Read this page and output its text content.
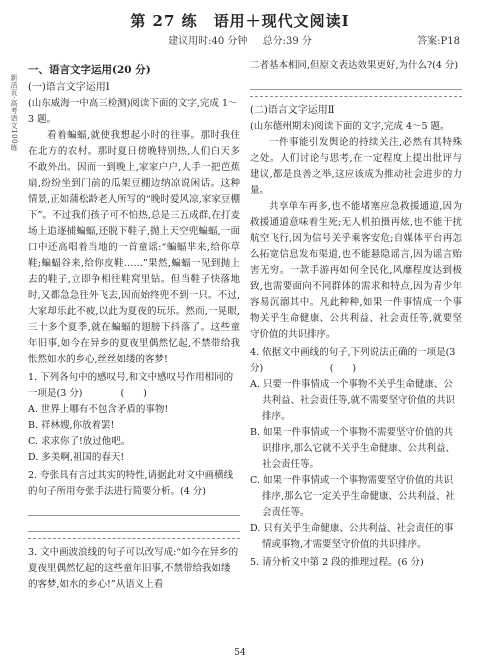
第 27 练　语用＋现代文阅读Ⅰ
建议用时:40 分钟 总分:39 分	答案:P18
新活页·高考语文100练
一、语言文字运用(20 分)
(一)语言文字运用Ⅰ
(山东威海一中高三检测)阅读下面的文字,完成 1～3 题。
看着蝙蝠,就使我想起小时的往事。那时我住在北方的农村。那时夏日傍晚特别热,人们白天多不敢外出。因而一到晚上,家家户户,人手一把芭蕉扇,纷纷坐到门前的瓜架豆棚边纳凉说闲话。这种情景,正如蒲松龄老人所写的“晚时爱风凉,家家豆棚下”。不过我们孩子可不怕热,总是三五成群,在打麦场上追逐捕蝙蝠,还脱下鞋子,抛上天空兜蝙蝠,一面口中还高唱着当地的一首童谣:“蝙蝠芈来,给你草鞋;蝙蝠谷来,给你皮鞋……”果然,蝙蝠一见到抛上去的鞋子,立即争相往鞋窝里钻。但当鞋子快落地时,又都急急往外飞去,因而始终兜不到一只。不过,大家却乐此不疲,以此为夏夜的玩乐。然而,一晃眼,三十多个夏季,就在蝙蝠的翅膀下抖落了。这些童年旧事,如今在异乡的夏夜里偶然忆起,不禁带给我怅然如水的乡心,丝丝如缕的客梦!
1. 下列各句中的感叹号,和文中感叹号作用相同的一项是(3 分)　　　　(　　)
A. 世界上哪有不包含矛盾的事物!
B. 祥林嫂,你放着罢!
C. 求求你了!放过他吧。
D. 多美啊,祖国的春天!
2. 夸张具有言过其实的特性,请据此对文中画横线的句子所用夸张手法进行简要分析。(4 分)
3. 文中画波浪线的句子可以改写成:“如今在异乡的夏夜里偶然忆起的这些童年旧事,不禁带给我如缕的客梦,如水的乡心!”从语义上看
二者基本相同,但原文表达效果更好,为什么?(4 分)
(二)语言文字运用Ⅱ
(山东德州期末)阅读下面的文字,完成 4～5 题。
一件事能引发舆论的持续关注,必然有其特殊之处。人们讨论与思考,在一定程度上提出批评与建议,都是良善之举,这应该成为推动社会进步的力量。
共享单车再多,也不能堵塞应急救援通道,因为救援通道意味着生死;无人机拍摄再炫,也不能干扰航空飞行,因为信号关乎乘客安危;自媒体平台再怎么拓宽信息发布渠道,也不能悬隐谣言,因为谣言贻害无穷。一款手游再如何全民化,风靡程度达到极致,也需要面向不同群体的需求和特点,因为青少年容易沉溺其中。凡此种种,如果一件事情成一个事物关乎生命健康、公共利益、社会责任等,就要坚守价值的共识排序。
4. 依据文中画线的句子,下列说法正确的一项是(3 分)　　　　　　　(　　)
A. 只要一件事情成一个事物不关乎生命健康、公共利益、社会责任等,就不需要坚守价值的共识排序。
B. 如果一件事情或一个事物不需要坚守价值的共识排序,那么它就不关乎生命健康、公共利益、社会责任等。
C. 如果一件事情或一个事物需要坚守价值的共识排序,那么它一定关乎生命健康、公共利益、社会责任等。
D. 只有关乎生命健康、公共利益、社会责任的事情或事物,才需要坚守价值的共识排序。
5. 请分析文中第 2 段的推理过程。(6 分)
54
